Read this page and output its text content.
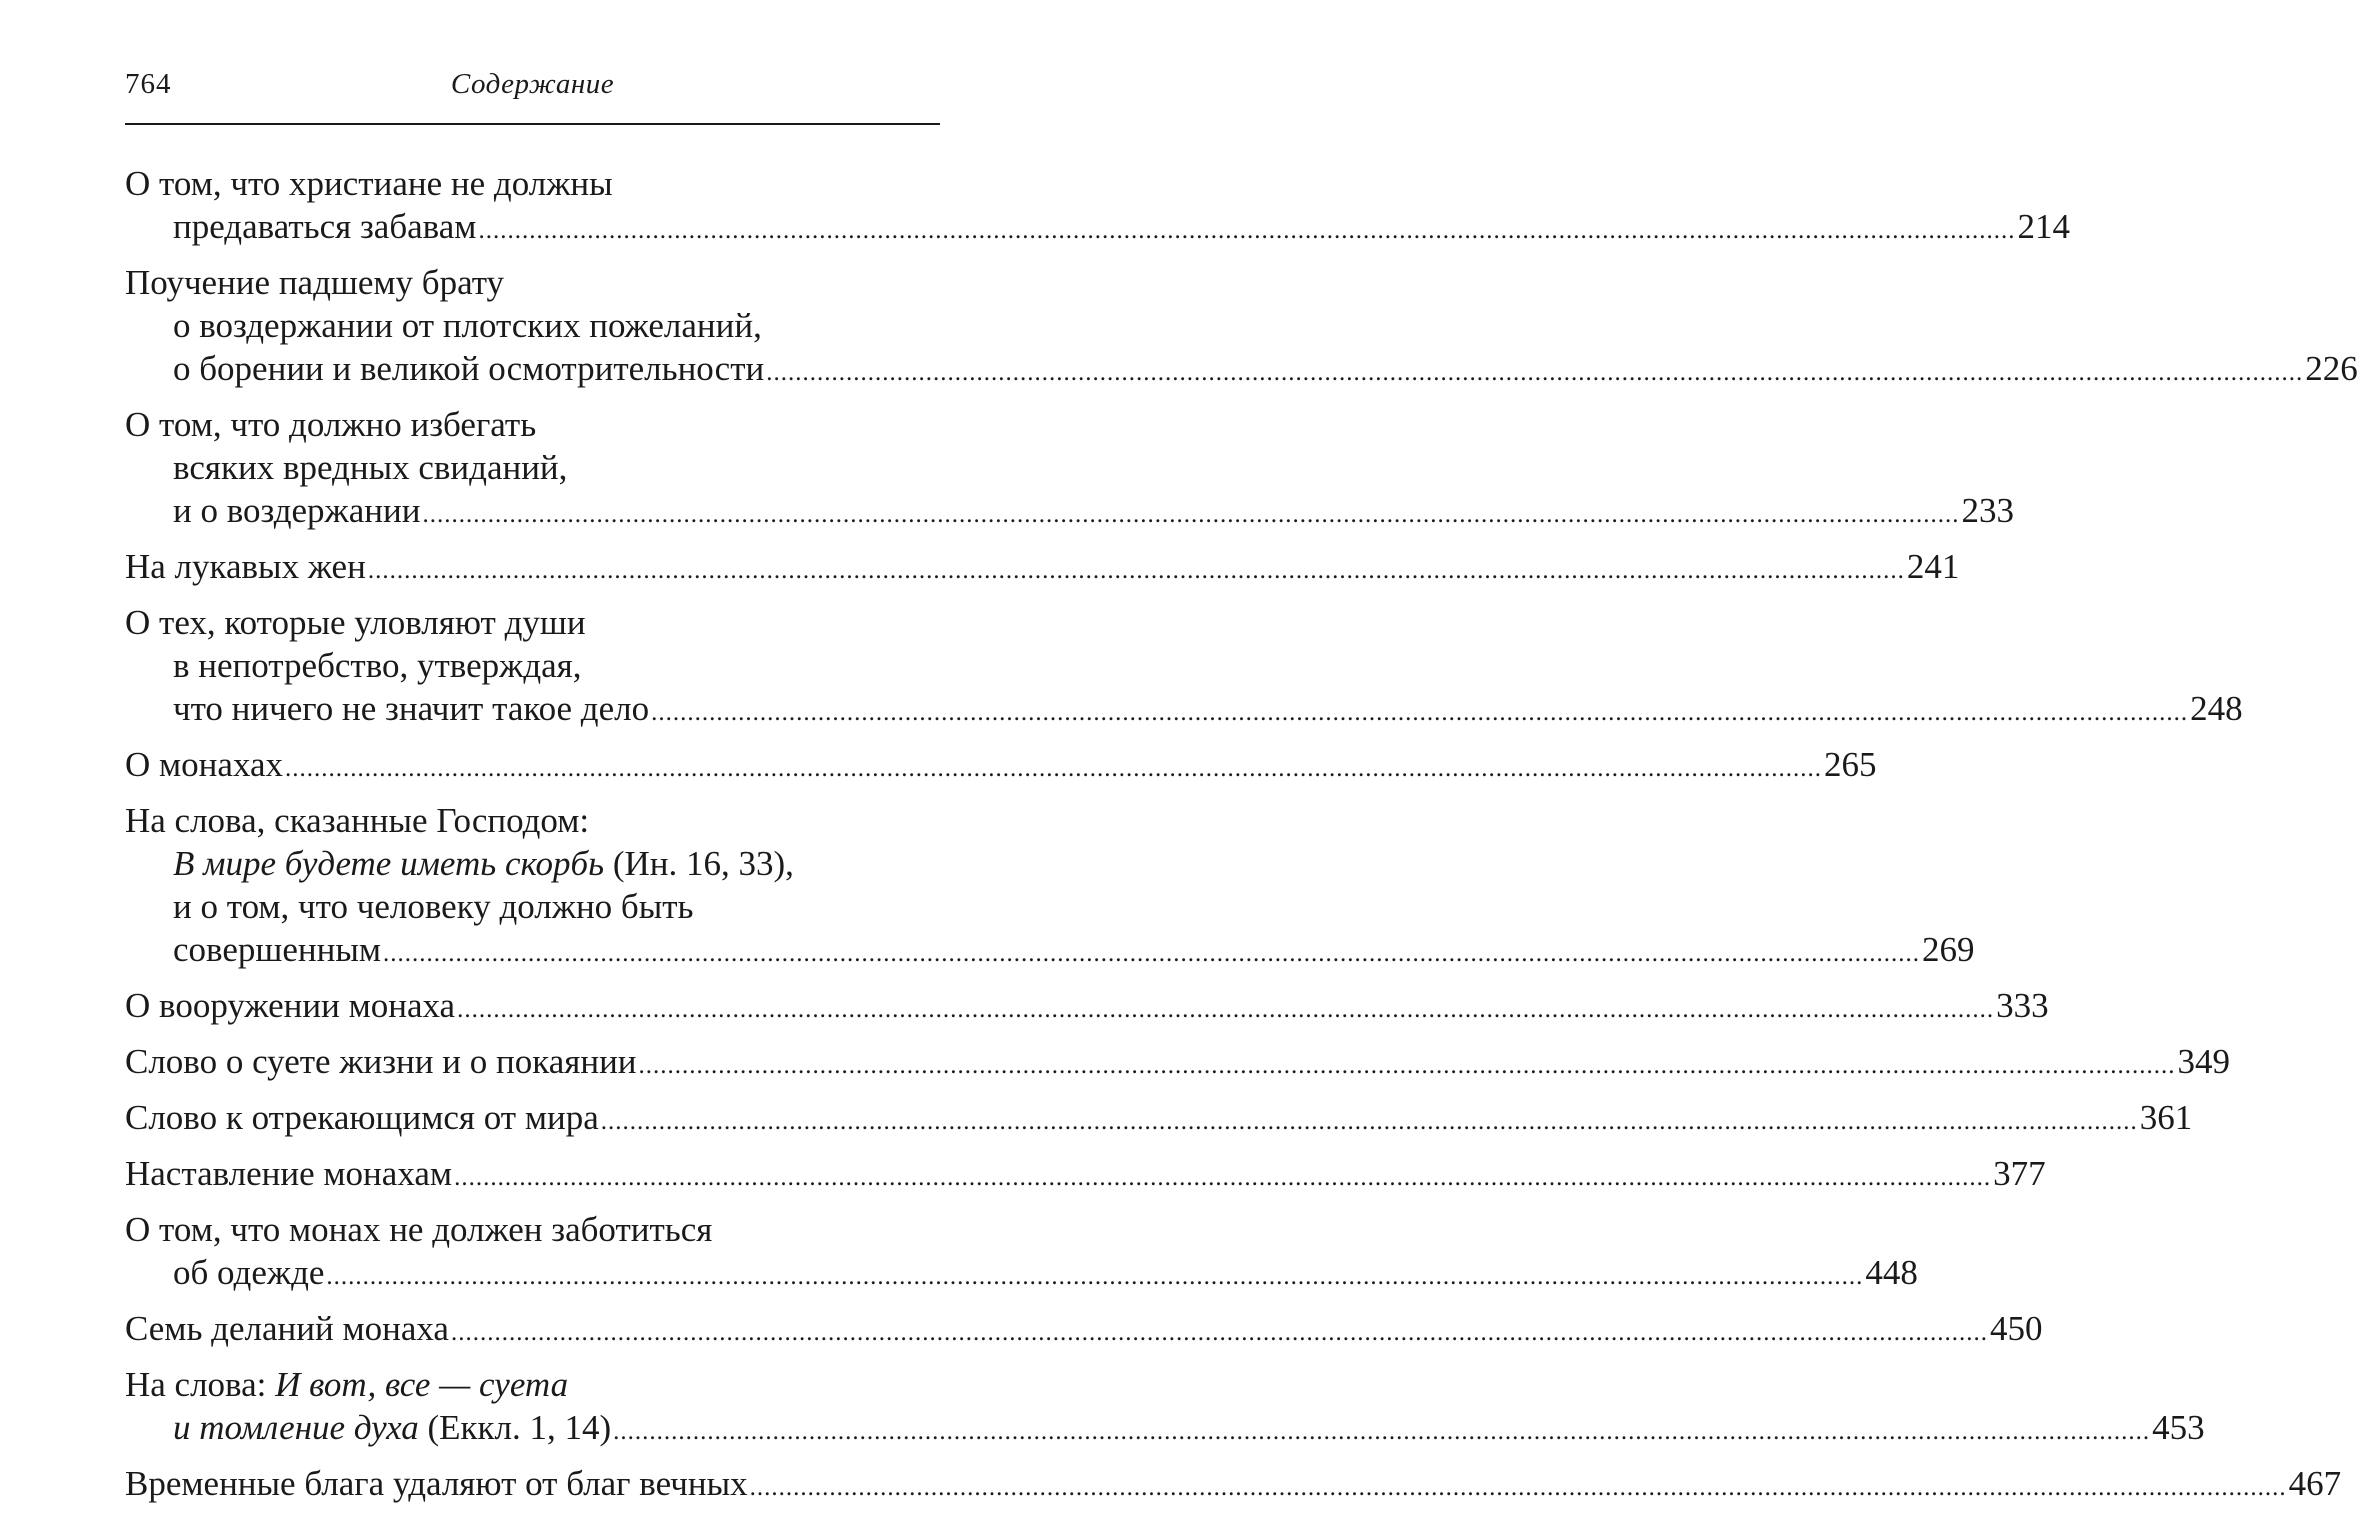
764	Содержание
О том, что христиане не должны
предаваться забавам .................................................................................................................................................................................................................... 214
Поучение падшему брату
о воздержании от плотских пожеланий,
о борении и великой осмотрительности .................................................................................................................................................................................................................... 226
О том, что должно избегать
всяких вредных свиданий,
и о воздержании .................................................................................................................................................................................................................... 233
На лукавых жен .................................................................................................................................................................................................................... 241
О тех, которые уловляют души
в непотребство, утверждая,
что ничего не значит такое дело .................................................................................................................................................................................................................... 248
О монахах .................................................................................................................................................................................................................... 265
На слова, сказанные Господом:
В мире будете иметь скорбь (Ин. 16, 33),
и о том, что человеку должно быть
совершенным .................................................................................................................................................................................................................... 269
О вооружении монаха .................................................................................................................................................................................................................... 333
Слово о суете жизни и о покаянии .................................................................................................................................................................................................................... 349
Слово к отрекающимся от мира .................................................................................................................................................................................................................... 361
Наставление монахам .................................................................................................................................................................................................................... 377
О том, что монах не должен заботиться
об одежде .................................................................................................................................................................................................................... 448
Семь деланий монаха .................................................................................................................................................................................................................... 450
На слова: И вот, все — суета
и томление духа (Еккл. 1, 14) .................................................................................................................................................................................................................... 453
Временные блага удаляют от благ вечных .................................................................................................................................................................................................................... 467
